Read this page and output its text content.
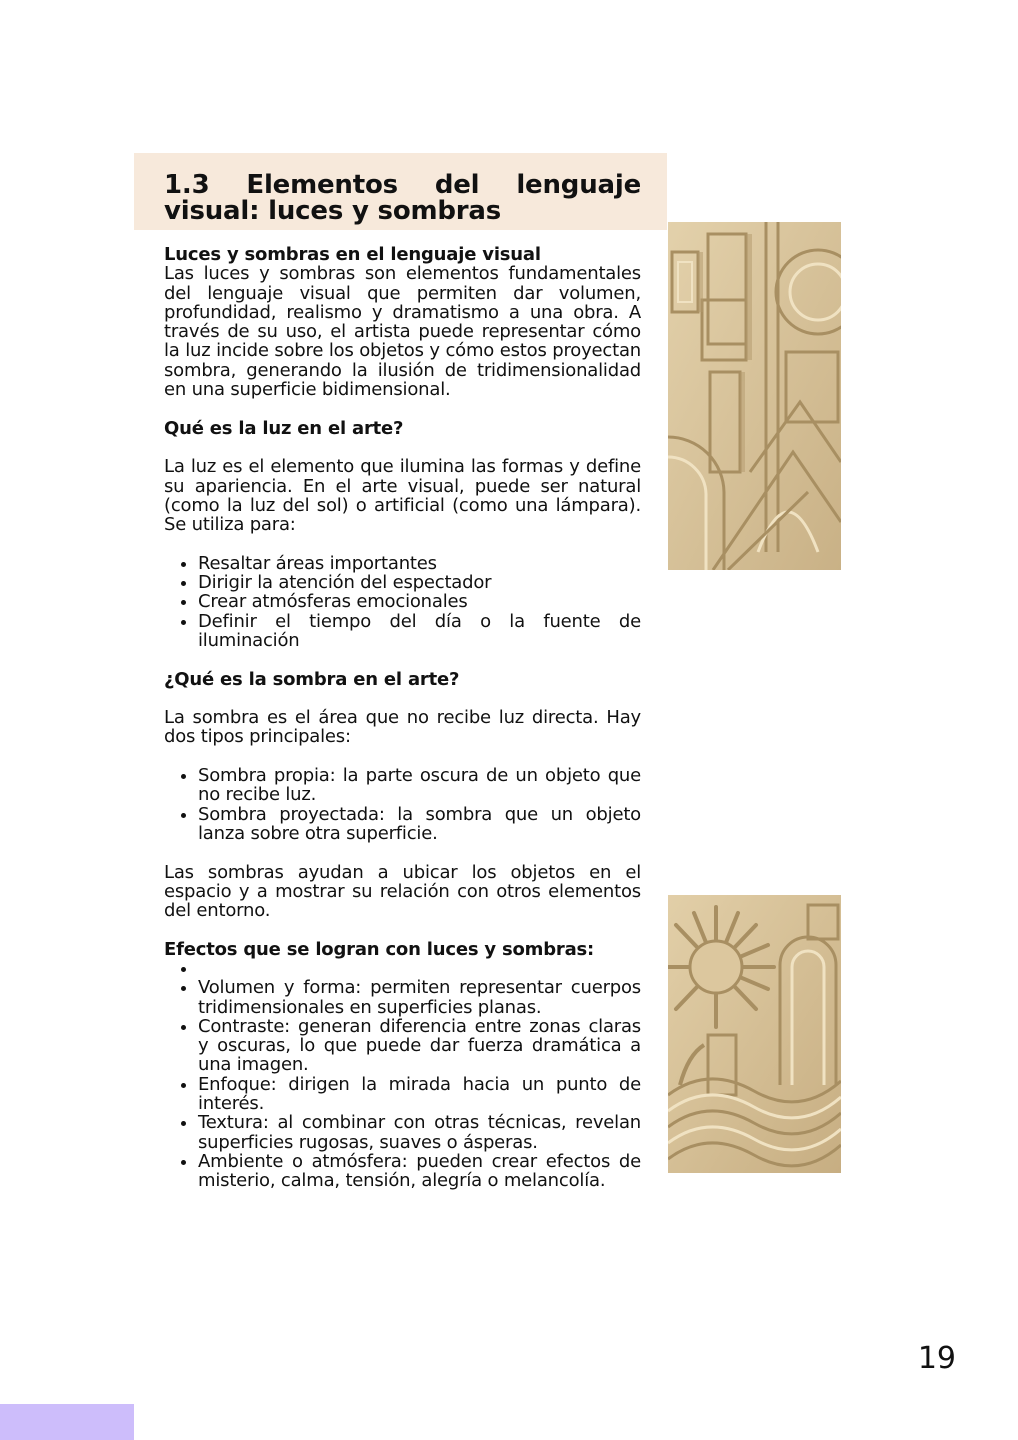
1.3 Elementos del lenguaje visual: luces y sombras
Luces y sombras en el lenguaje visual

Las luces y sombras son elementos fundamentales del lenguaje visual que permiten dar volumen, profundidad, realismo y dramatismo a una obra. A través de su uso, el artista puede representar cómo la luz incide sobre los objetos y cómo estos proyectan sombra, generando la ilusión de tridimensionalidad en una superficie bidimensional.

Qué es la luz en el arte?

La luz es el elemento que ilumina las formas y define su apariencia. En el arte visual, puede ser natural (como la luz del sol) o artificial (como una lámpara). Se utiliza para:

• Resaltar áreas importantes
• Dirigir la atención del espectador
• Crear atmósferas emocionales
• Definir el tiempo del día o la fuente de iluminación
¿Qué es la sombra en el arte?

La sombra es el área que no recibe luz directa. Hay dos tipos principales:

• Sombra propia: la parte oscura de un objeto que no recibe luz.
• Sombra proyectada: la sombra que un objeto lanza sobre otra superficie.

Las sombras ayudan a ubicar los objetos en el espacio y a mostrar su relación con otros elementos del entorno.

Efectos que se logran con luces y sombras:
•
• Volumen y forma: permiten representar cuerpos tridimensionales en superficies planas.
• Contraste: generan diferencia entre zonas claras y oscuras, lo que puede dar fuerza dramática a una imagen.
• Enfoque: dirigen la mirada hacia un punto de interés.
• Textura: al combinar con otras técnicas, revelan superficies rugosas, suaves o ásperas.
• Ambiente o atmósfera: pueden crear efectos de misterio, calma, tensión, alegría o melancolía.
19
